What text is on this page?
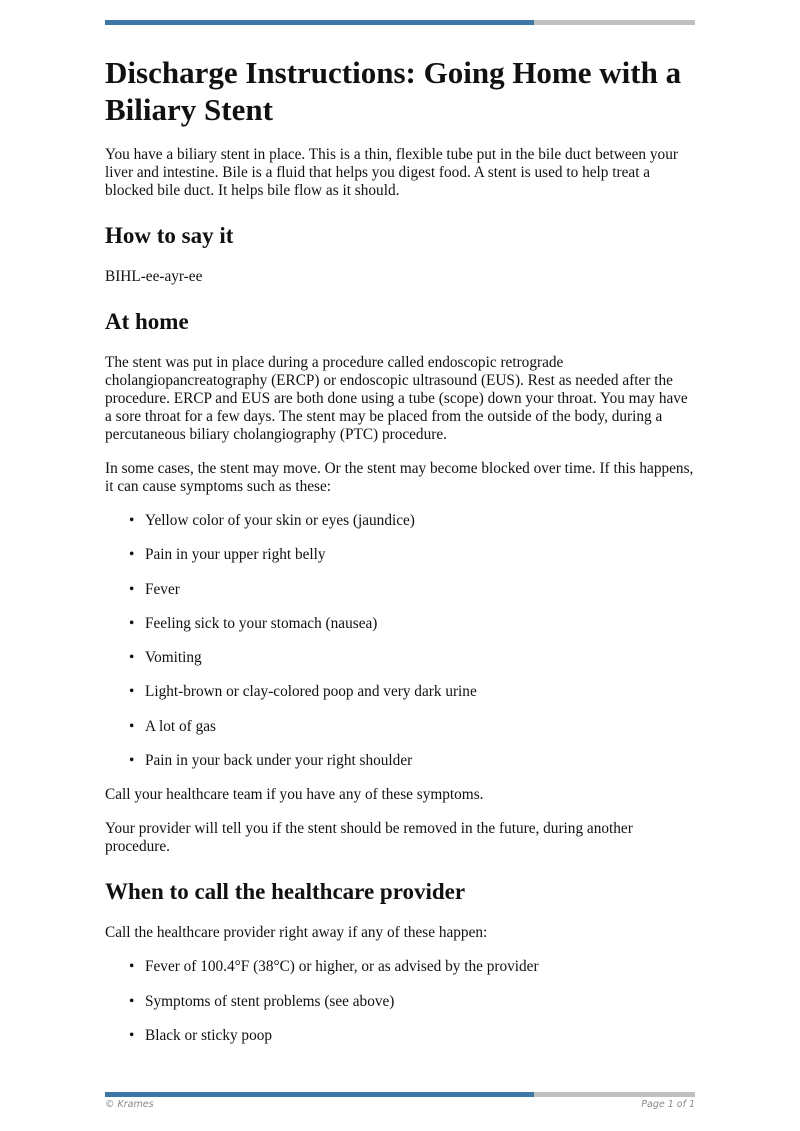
Discharge Instructions: Going Home with a Biliary Stent

You have a biliary stent in place. This is a thin, flexible tube put in the bile duct between your liver and intestine. Bile is a fluid that helps you digest food. A stent is used to help treat a blocked bile duct. It helps bile flow as it should.

How to say it

BIHL-ee-ayr-ee

At home

The stent was put in place during a procedure called endoscopic retrograde cholangiopancreatography (ERCP) or endoscopic ultrasound (EUS). Rest as needed after the procedure. ERCP and EUS are both done using a tube (scope) down your throat. You may have a sore throat for a few days. The stent may be placed from the outside of the body, during a percutaneous biliary cholangiography (PTC) procedure.

In some cases, the stent may move. Or the stent may become blocked over time. If this happens, it can cause symptoms such as these:

• Yellow color of your skin or eyes (jaundice)
• Pain in your upper right belly
• Fever
• Feeling sick to your stomach (nausea)
• Vomiting
• Light-brown or clay-colored poop and very dark urine
• A lot of gas
• Pain in your back under your right shoulder

Call your healthcare team if you have any of these symptoms.

Your provider will tell you if the stent should be removed in the future, during another procedure.

When to call the healthcare provider

Call the healthcare provider right away if any of these happen:

• Fever of 100.4°F (38°C) or higher, or as advised by the provider
• Symptoms of stent problems (see above)
• Black or sticky poop
© Krames	Page 1 of 1
